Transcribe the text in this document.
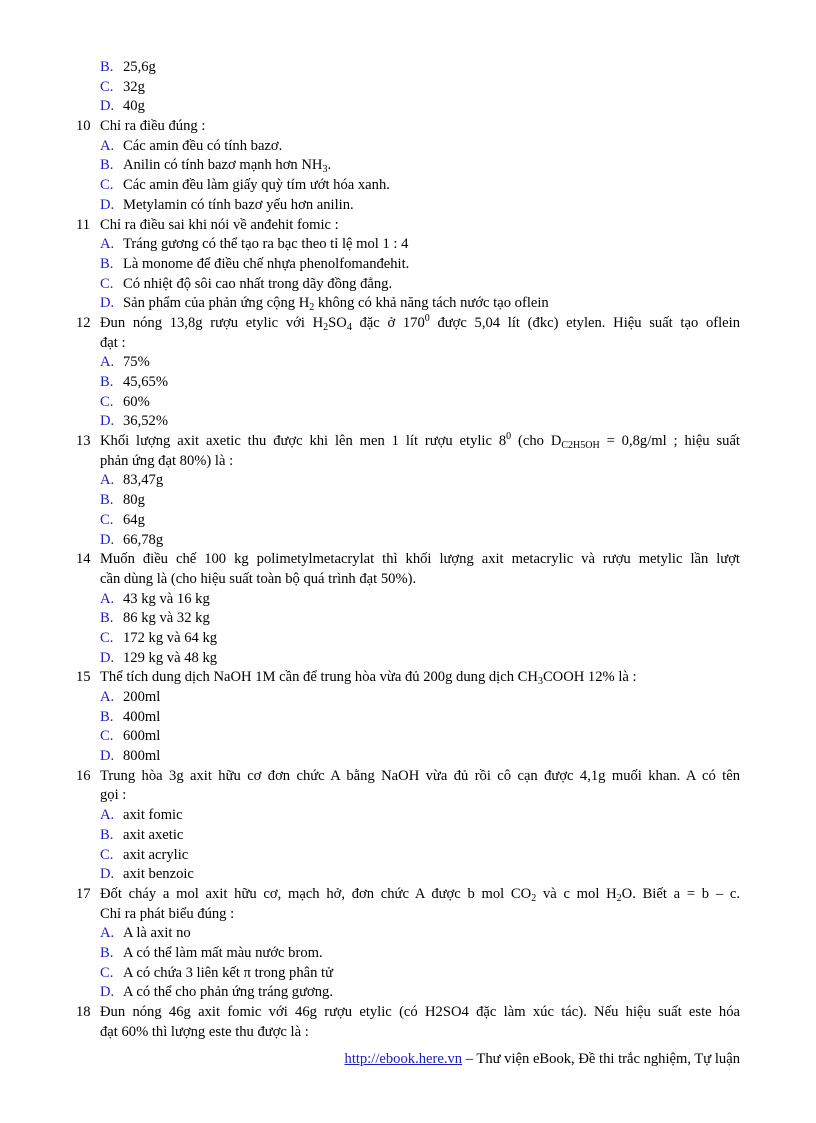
B. 25,6g
C. 32g
D. 40g
10 Chỉ ra điều đúng :
A. Các amin đều có tính bazơ.
B. Anilin có tính bazơ mạnh hơn $NH_3$.
C. Các amin đều làm giấy quỳ tím ướt hóa xanh.
D. Metylamin có tính bazơ yếu hơn anilin.
11 Chỉ ra điều sai khi nói về anđehit fomic :
A. Tráng gương có thể tạo ra bạc theo tỉ lệ mol 1 : 4
B. Là monome để điều chế nhựa phenolfomanđehit.
C. Có nhiệt độ sôi cao nhất trong dãy đồng đẳng.
D. Sản phẩm của phản ứng cộng $H_2$ không có khả năng tách nước tạo oflein
12 Đun nóng 13,8g rượu etylic với $H_2SO_4$ đặc ở $170^0$ được 5,04 lít (đkc) etylen. Hiệu suất tạo oflein
đạt :
A. 75%
B. 45,65%
C. 60%
D. 36,52%
13 Khối lượng axit axetic thu được khi lên men 1 lít rượu etylic $8^0$ (cho $D_{C2H5OH} = 0,8g/ml$ ; hiệu suất
phản ứng đạt 80%) là :
A. 83,47g
B. 80g
C. 64g
D. 66,78g
14 Muốn điều chế 100 kg polimetylmetacrylat thì khối lượng axit metacrylic và rượu metylic lần lượt
cần dùng là (cho hiệu suất toàn bộ quá trình đạt 50%).
A. 43 kg và 16 kg
B. 86 kg và 32 kg
C. 172 kg và 64 kg
D. 129 kg và 48 kg
15 Thể tích dung dịch NaOH 1M cần để trung hòa vừa đủ 200g dung dịch $CH_3COOH$ 12% là :
A. 200ml
B. 400ml
C. 600ml
D. 800ml
16 Trung hòa 3g axit hữu cơ đơn chức A bằng NaOH vừa đủ rồi cô cạn được 4,1g muối khan. A có tên
gọi :
A. axit fomic
B. axit axetic
C. axit acrylic
D. axit benzoic
17 Đốt cháy a mol axit hữu cơ, mạch hở, đơn chức A được b mol $CO_2$ và c mol $H_2O$. Biết a = b – c.
Chỉ ra phát biểu đúng :
A. A là axit no
B. A có thể làm mất màu nước brom.
C. A có chứa 3 liên kết π trong phân tử
D. A có thể cho phản ứng tráng gương.
18 Đun nóng 46g axit fomic với 46g rượu etylic (có H2SO4 đặc làm xúc tác). Nếu hiệu suất este hóa
đạt 60% thì lượng este thu được là :
http://ebook.here.vn – Thư viện eBook, Đề thi trắc nghiệm, Tự luận
